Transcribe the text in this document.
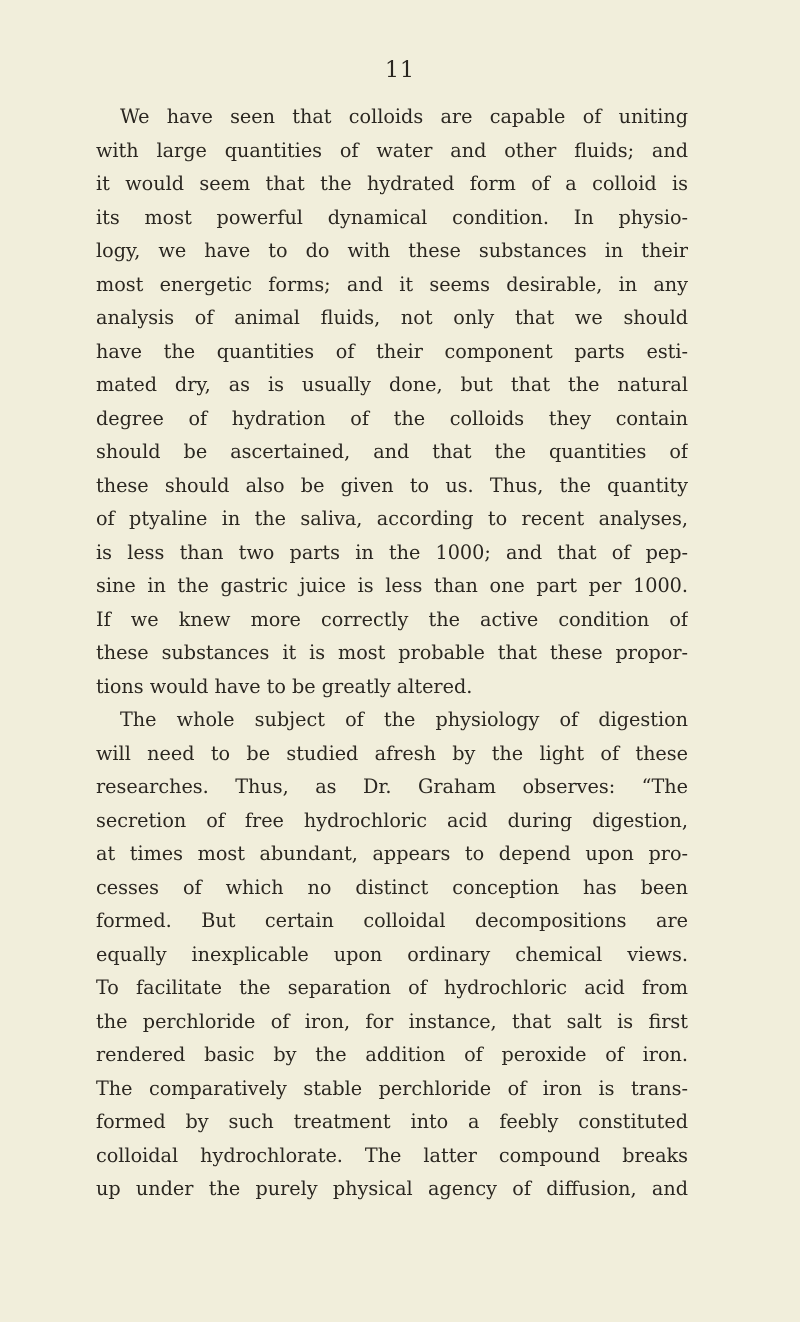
11
We have seen that colloids are capable of uniting
with large quantities of water and other fluids; and
it would seem that the hydrated form of a colloid is
its most powerful dynamical condition. In physio-
logy, we have to do with these substances in their
most energetic forms; and it seems desirable, in any
analysis of animal fluids, not only that we should
have the quantities of their component parts esti-
mated dry, as is usually done, but that the natural
degree of hydration of the colloids they contain
should be ascertained, and that the quantities of
these should also be given to us. Thus, the quantity
of ptyaline in the saliva, according to recent analyses,
is less than two parts in the 1000; and that of pep-
sine in the gastric juice is less than one part per 1000.
If we knew more correctly the active condition of
these substances it is most probable that these propor-
tions would have to be greatly altered.
The whole subject of the physiology of digestion
will need to be studied afresh by the light of these
researches. Thus, as Dr. Graham observes: “The
secretion of free hydrochloric acid during digestion,
at times most abundant, appears to depend upon pro-
cesses of which no distinct conception has been
formed. But certain colloidal decompositions are
equally inexplicable upon ordinary chemical views.
To facilitate the separation of hydrochloric acid from
the perchloride of iron, for instance, that salt is first
rendered basic by the addition of peroxide of iron.
The comparatively stable perchloride of iron is trans-
formed by such treatment into a feebly constituted
colloidal hydrochlorate. The latter compound breaks
up under the purely physical agency of diffusion, and
